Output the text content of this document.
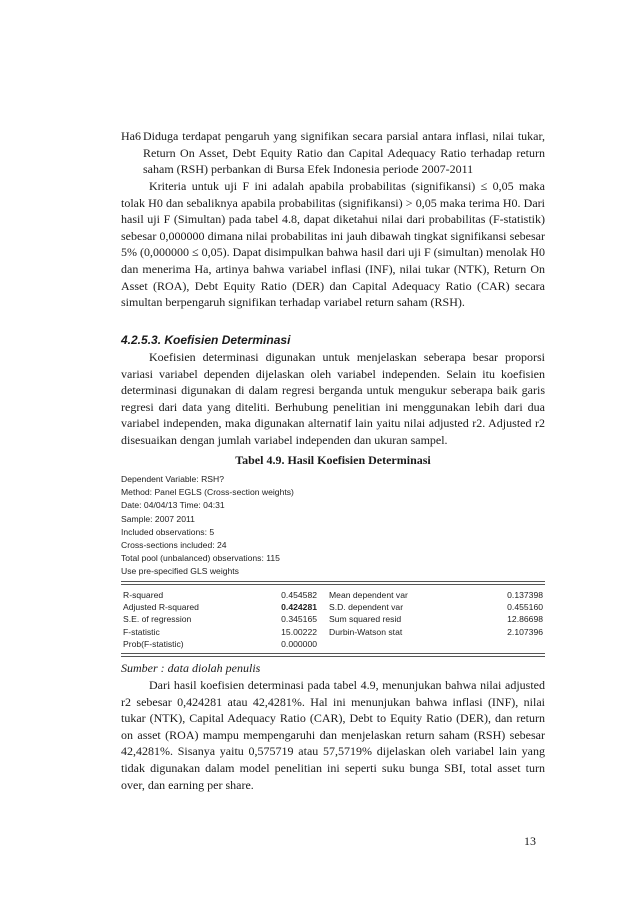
Ha6 Diduga terdapat pengaruh yang signifikan secara parsial antara inflasi, nilai tukar, Return On Asset, Debt Equity Ratio dan Capital Adequacy Ratio terhadap return saham (RSH) perbankan di Bursa Efek Indonesia periode 2007-2011

Kriteria untuk uji F ini adalah apabila probabilitas (signifikansi) ≤ 0,05 maka tolak H0 dan sebaliknya apabila probabilitas (signifikansi) > 0,05 maka terima H0. Dari hasil uji F (Simultan) pada tabel 4.8, dapat diketahui nilai dari probabilitas (F-statistik) sebesar 0,000000 dimana nilai probabilitas ini jauh dibawah tingkat signifikansi sebesar 5% (0,000000 ≤ 0,05). Dapat disimpulkan bahwa hasil dari uji F (simultan) menolak H0 dan menerima Ha, artinya bahwa variabel inflasi (INF), nilai tukar (NTK), Return On Asset (ROA), Debt Equity Ratio (DER) dan Capital Adequacy Ratio (CAR) secara simultan berpengaruh signifikan terhadap variabel return saham (RSH).

4.2.5.3. Koefisien Determinasi

Koefisien determinasi digunakan untuk menjelaskan seberapa besar proporsi variasi variabel dependen dijelaskan oleh variabel independen. Selain itu koefisien determinasi digunakan di dalam regresi berganda untuk mengukur seberapa baik garis regresi dari data yang diteliti. Berhubung penelitian ini menggunakan lebih dari dua variabel independen, maka digunakan alternatif lain yaitu nilai adjusted r2. Adjusted r2 disesuaikan dengan jumlah variabel independen dan ukuran sampel.

Tabel 4.9. Hasil Koefisien Determinasi

Dependent Variable: RSH?
Method: Panel EGLS (Cross-section weights)
Date: 04/04/13 Time: 04:31
Sample: 2007 2011
Included observations: 5
Cross-sections included: 24
Total pool (unbalanced) observations: 115
Use pre-specified GLS weights
R-squared	0.454582	Mean dependent var	0.137398
Adjusted R-squared	0.424281	S.D. dependent var	0.455160
S.E. of regression	0.345165	Sum squared resid	12.86698
F-statistic	15.00222	Durbin-Watson stat	2.107396
Prob(F-statistic)	0.000000		

Sumber : data diolah penulis

Dari hasil koefisien determinasi pada tabel 4.9, menunjukan bahwa nilai adjusted r2 sebesar 0,424281 atau 42,4281%. Hal ini menunjukan bahwa inflasi (INF), nilai tukar (NTK), Capital Adequacy Ratio (CAR), Debt to Equity Ratio (DER), dan return on asset (ROA) mampu mempengaruhi dan menjelaskan return saham (RSH) sebesar 42,4281%. Sisanya yaitu 0,575719 atau 57,5719% dijelaskan oleh variabel lain yang tidak digunakan dalam model penelitian ini seperti suku bunga SBI, total asset turn over, dan earning per share.

13
